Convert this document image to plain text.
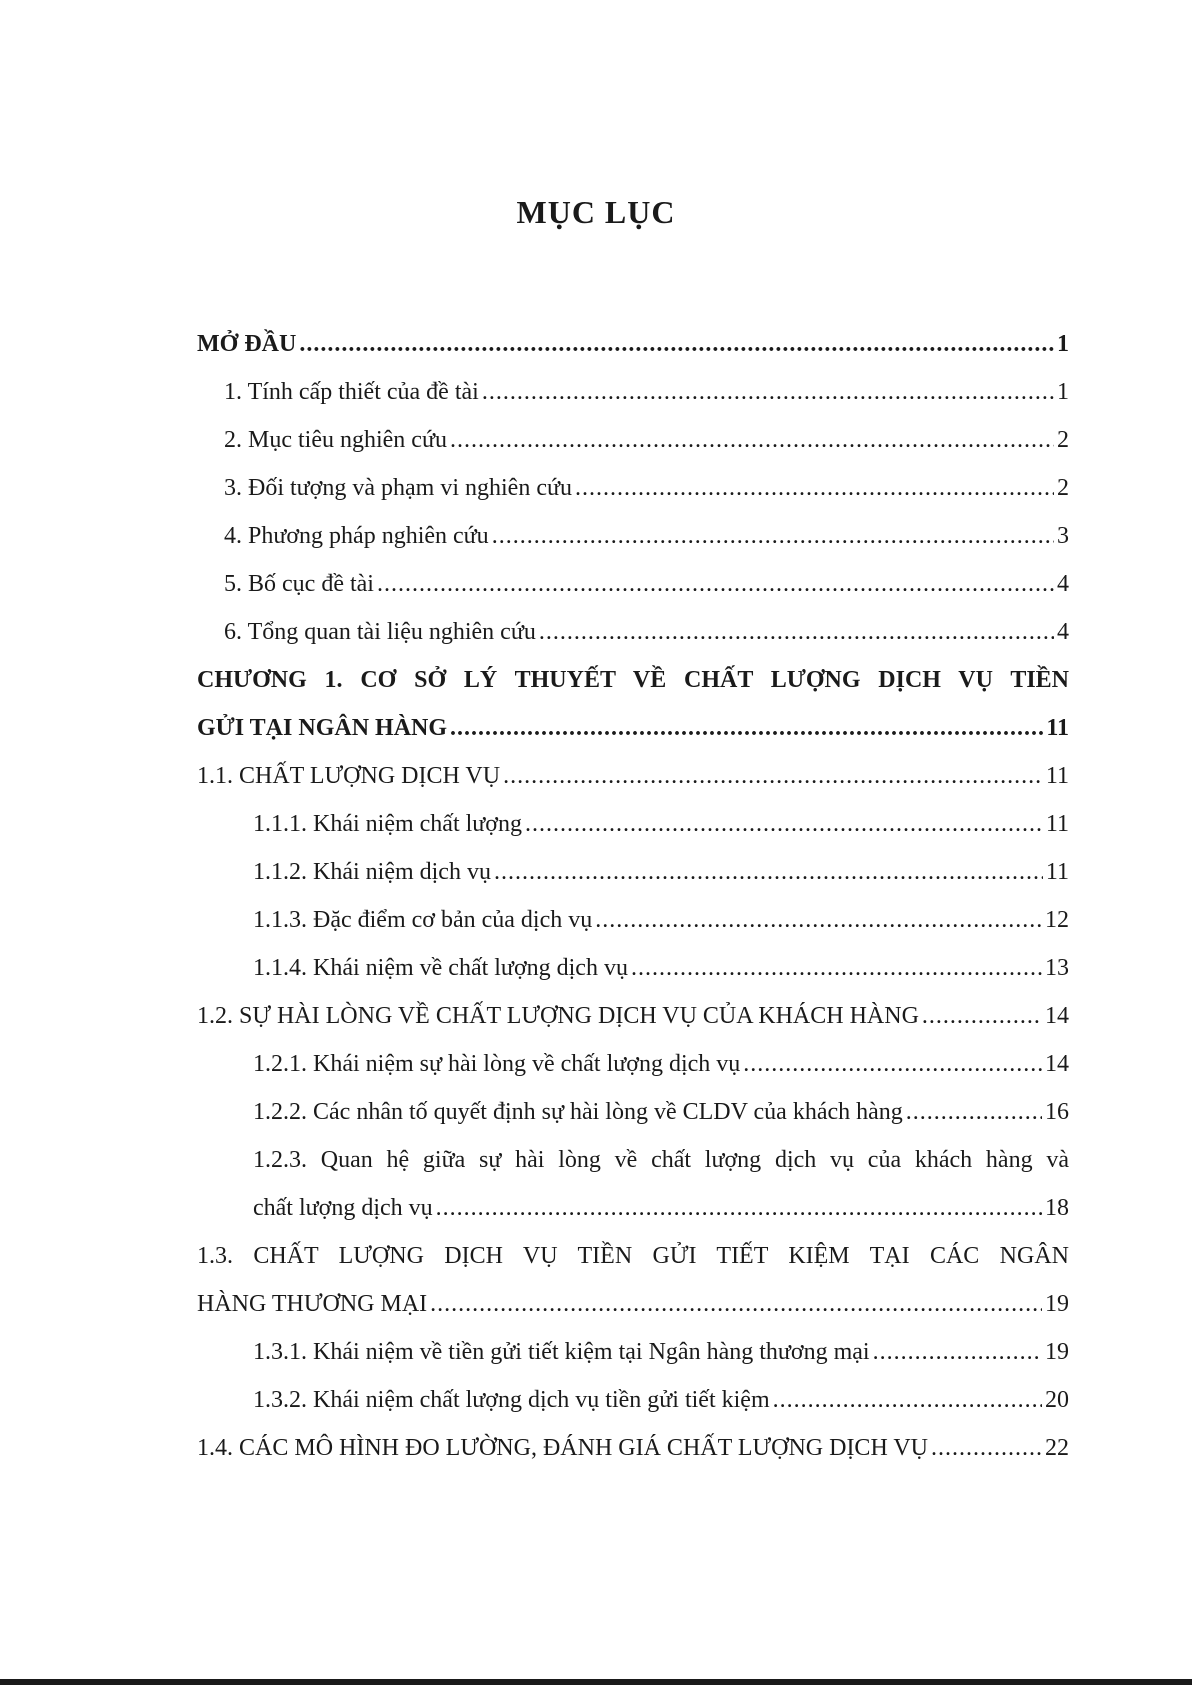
MỤC LỤC
MỞ ĐẦU .....	1
1. Tính cấp thiết của đề tài .....	1
2. Mục tiêu nghiên cứu .....	2
3. Đối tượng và phạm vi nghiên cứu .....	2
4. Phương pháp nghiên cứu .....	3
5. Bố cục đề tài .....	4
6. Tổng quan tài liệu nghiên cứu .....	4
CHƯƠNG 1. CƠ SỞ LÝ THUYẾT VỀ CHẤT LƯỢNG DỊCH VỤ TIỀN
GỬI TẠI NGÂN HÀNG .....	11
1.1. CHẤT LƯỢNG DỊCH VỤ .....	11
1.1.1. Khái niệm chất lượng .....	11
1.1.2. Khái niệm dịch vụ .....	11
1.1.3. Đặc điểm cơ bản của dịch vụ .....	12
1.1.4. Khái niệm về chất lượng dịch vụ .....	13
1.2. SỰ HÀI LÒNG VỀ CHẤT LƯỢNG DỊCH VỤ CỦA KHÁCH HÀNG .....	14
1.2.1. Khái niệm sự hài lòng về chất lượng dịch vụ .....	14
1.2.2. Các nhân tố quyết định sự hài lòng về CLDV của khách hàng .....	16
1.2.3. Quan hệ giữa sự hài lòng về chất lượng dịch vụ của khách hàng và
chất lượng dịch vụ .....	18
1.3. CHẤT LƯỢNG DỊCH VỤ TIỀN GỬI TIẾT KIỆM TẠI CÁC NGÂN
HÀNG THƯƠNG MẠI .....	19
1.3.1. Khái niệm về tiền gửi tiết kiệm tại Ngân hàng thương mại .....	19
1.3.2. Khái niệm chất lượng dịch vụ tiền gửi tiết kiệm .....	20
1.4. CÁC MÔ HÌNH ĐO LƯỜNG, ĐÁNH GIÁ CHẤT LƯỢNG DỊCH VỤ .....	22
